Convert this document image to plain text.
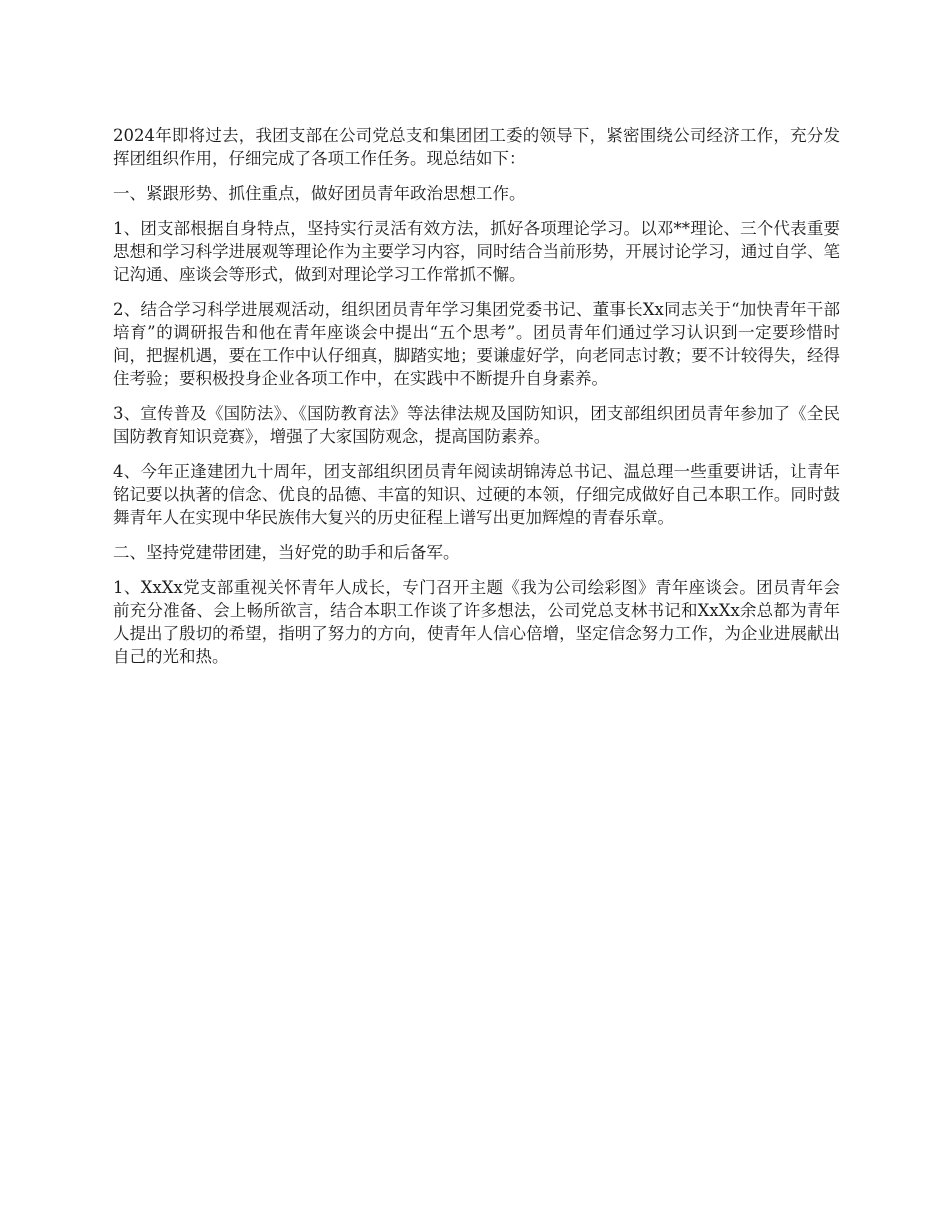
2024年即将过去，我团支部在公司党总支和集团团工委的领导下，紧密围绕公司经济工作，充分发挥团组织作用，仔细完成了各项工作任务。现总结如下：

一、紧跟形势、抓住重点，做好团员青年政治思想工作。

1、团支部根据自身特点，坚持实行灵活有效方法，抓好各项理论学习。以邓**理论、三个代表重要思想和学习科学进展观等理论作为主要学习内容，同时结合当前形势，开展讨论学习，通过自学、笔记沟通、座谈会等形式，做到对理论学习工作常抓不懈。

2、结合学习科学进展观活动，组织团员青年学习集团党委书记、董事长Xx同志关于“加快青年干部培育”的调研报告和他在青年座谈会中提出“五个思考”。团员青年们通过学习认识到一定要珍惜时间，把握机遇，要在工作中认仔细真，脚踏实地；要谦虚好学，向老同志讨教；要不计较得失，经得住考验；要积极投身企业各项工作中，在实践中不断提升自身素养。

3、宣传普及《国防法》、《国防教育法》等法律法规及国防知识，团支部组织团员青年参加了《全民国防教育知识竞赛》，增强了大家国防观念，提高国防素养。

4、今年正逢建团九十周年，团支部组织团员青年阅读胡锦涛总书记、温总理一些重要讲话，让青年铭记要以执著的信念、优良的品德、丰富的知识、过硬的本领，仔细完成做好自己本职工作。同时鼓舞青年人在实现中华民族伟大复兴的历史征程上谱写出更加辉煌的青春乐章。

二、坚持党建带团建，当好党的助手和后备军。

1、XxXx党支部重视关怀青年人成长，专门召开主题《我为公司绘彩图》青年座谈会。团员青年会前充分准备、会上畅所欲言，结合本职工作谈了许多想法，公司党总支林书记和XxXx余总都为青年人提出了殷切的希望，指明了努力的方向，使青年人信心倍增，坚定信念努力工作，为企业进展献出自己的光和热。
